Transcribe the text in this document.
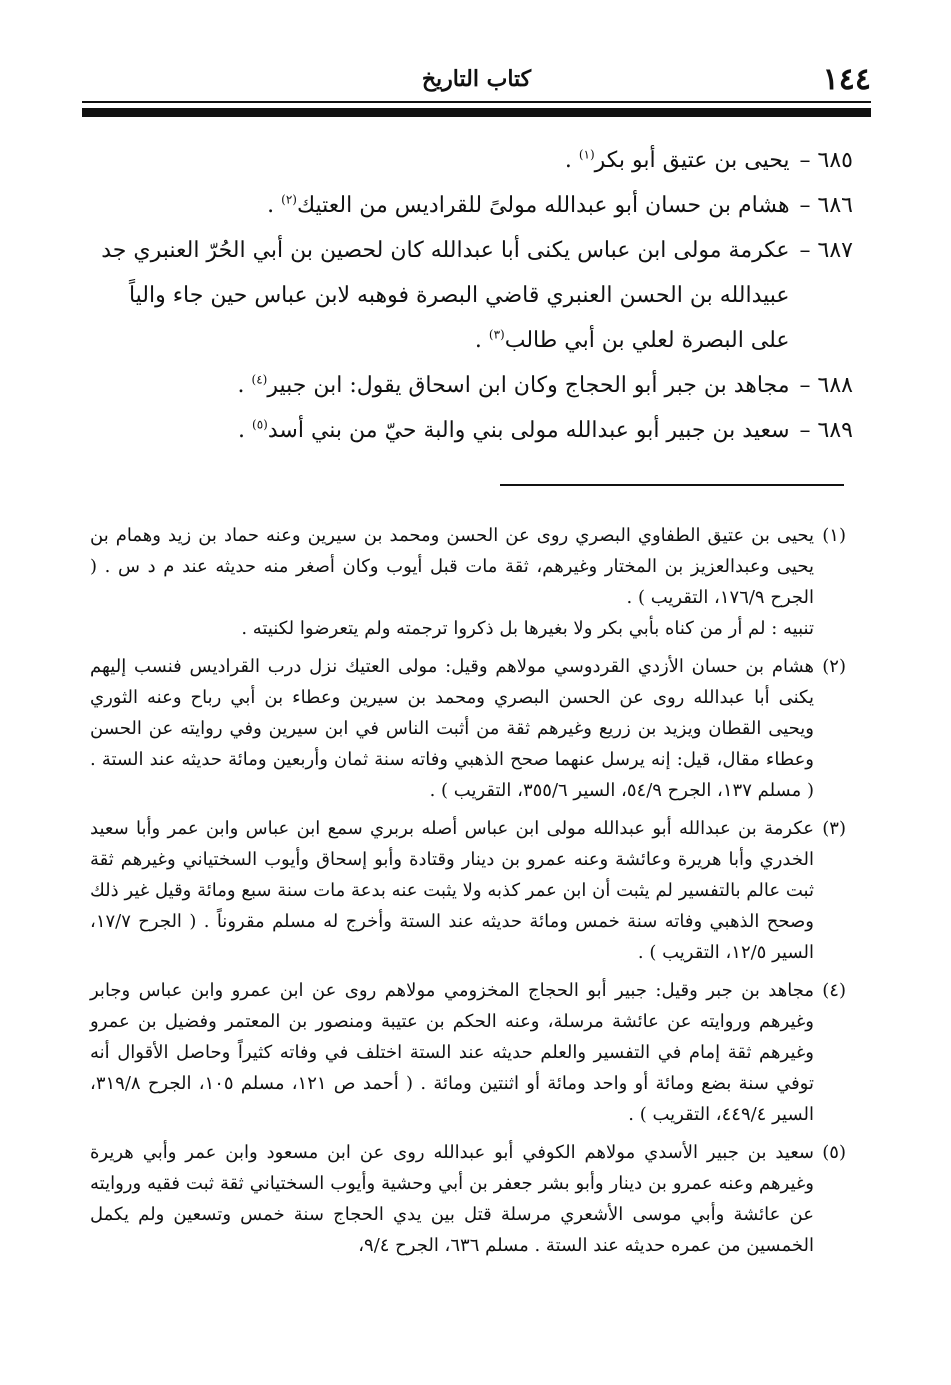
١٤٤
كتاب التاريخ
٦٨٥ –
يحيى بن عتيق أبو بكر$^{(١)}$ .
٦٨٦ –
هشام بن حسان أبو عبدالله مولىً للقراديس من العتيك$^{(٢)}$ .
٦٨٧ –
عكرمة مولى ابن عباس يكنى أبا عبدالله كان لحصين بن أبي الحُرّ العنبري جد عبيدالله بن الحسن العنبري قاضي البصرة فوهبه لابن عباس حين جاء والياً على البصرة لعلي بن أبي طالب$^{(٣)}$ .
٦٨٨ –
مجاهد بن جبر أبو الحجاج وكان ابن اسحاق يقول: ابن جبير$^{(٤)}$ .
٦٨٩ –
سعيد بن جبير أبو عبدالله مولى بني والبة حيّ من بني أسد$^{(٥)}$ .
(١)
يحيى بن عتيق الطفاوي البصري روى عن الحسن ومحمد بن سيرين وعنه حماد بن زيد وهمام بن يحيى وعبدالعزيز بن المختار وغيرهم، ثقة مات قبل أيوب وكان أصغر منه حديثه عند م د س . ( الجرح ١٧٦/٩، التقريب ) .
تنبيه : لم أر من كناه بأبي بكر ولا بغيرها بل ذكروا ترجمته ولم يتعرضوا لكنيته .
(٢)
هشام بن حسان الأزدي القردوسي مولاهم وقيل: مولى العتيك نزل درب القراديس فنسب إليهم يكنى أبا عبدالله روى عن الحسن البصري ومحمد بن سيرين وعطاء بن أبي رباح وعنه الثوري ويحيى القطان ويزيد بن زريع وغيرهم ثقة من أثبت الناس في ابن سيرين وفي روايته عن الحسن وعطاء مقال، قيل: إنه يرسل عنهما صحح الذهبي وفاته سنة ثمان وأربعين ومائة حديثه عند الستة . ( مسلم ١٣٧، الجرح ٥٤/٩، السير ٣٥٥/٦، التقريب ) .
(٣)
عكرمة بن عبدالله أبو عبدالله مولى ابن عباس أصله بربري سمع ابن عباس وابن عمر وأبا سعيد الخدري وأبا هريرة وعائشة وعنه عمرو بن دينار وقتادة وأبو إسحاق وأيوب السختياني وغيرهم ثقة ثبت عالم بالتفسير لم يثبت أن ابن عمر كذبه ولا يثبت عنه بدعة مات سنة سبع ومائة وقيل غير ذلك وصحح الذهبي وفاته سنة خمس ومائة حديثه عند الستة وأخرج له مسلم مقروناً . ( الجرح ١٧/٧، السير ١٢/٥، التقريب ) .
(٤)
مجاهد بن جبر وقيل: جبير أبو الحجاج المخزومي مولاهم روى عن ابن عمرو وابن عباس وجابر وغيرهم وروايته عن عائشة مرسلة، وعنه الحكم بن عتيبة ومنصور بن المعتمر وفضيل بن عمرو وغيرهم ثقة إمام في التفسير والعلم حديثه عند الستة اختلف في وفاته كثيراً وحاصل الأقوال أنه توفي سنة بضع ومائة أو واحد ومائة أو اثنتين ومائة . ( أحمد ص ١٢١، مسلم ١٠٥، الجرح ٣١٩/٨، السير ٤٤٩/٤، التقريب ) .
(٥)
سعيد بن جبير الأسدي مولاهم الكوفي أبو عبدالله روى عن ابن مسعود وابن عمر وأبي هريرة وغيرهم وعنه عمرو بن دينار وأبو بشر جعفر بن أبي وحشية وأيوب السختياني ثقة ثبت فقيه وروايته عن عائشة وأبي موسى الأشعري مرسلة قتل بين يدي الحجاج سنة خمس وتسعين ولم يكمل الخمسين من عمره حديثه عند الستة . مسلم ٦٣٦، الجرح ٩/٤،
